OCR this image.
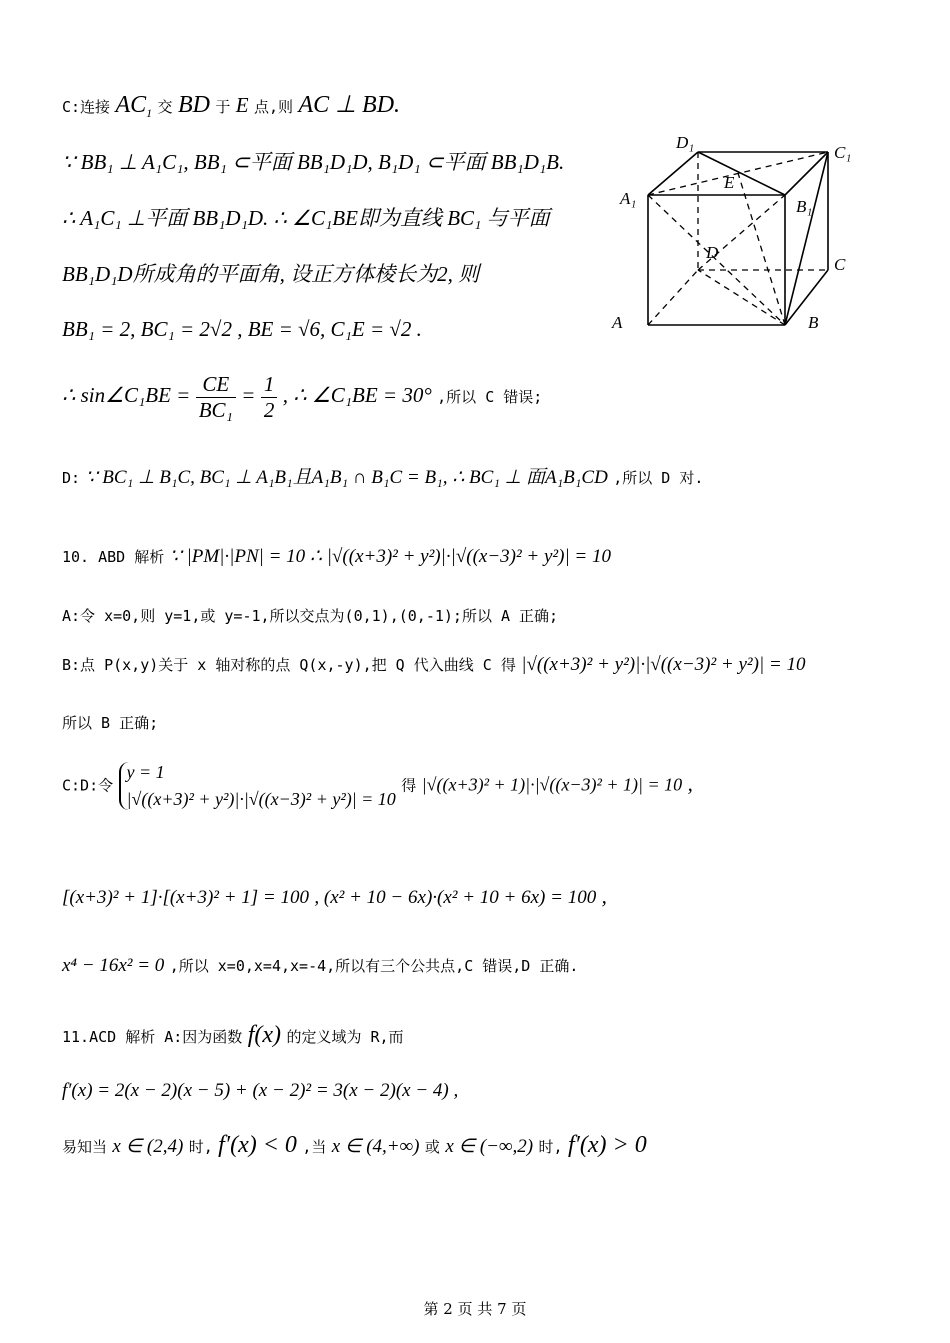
C:连接 $AC_1$ 交 BD 于 E 点,则 AC ⊥ BD.
∵ BB₁ ⊥ A₁C₁, BB₁ ⊂平面 BB₁D₁D, B₁D₁ ⊂平面 BB₁D₁B.
∴ A₁C₁ ⊥平面 BB₁D₁D. ∴ ∠C₁BE即为直线 BC₁ 与平面
BB₁D₁D所成角的平面角, 设正方体棱长为2, 则
BB₁ = 2, BC₁ = 2√2 , BE = √6, C₁E = √2 .
∴ sin∠C₁BE = $\frac{CE}{\text{BC₁}} = \frac{1}{2}$ , ∴ ∠C₁BE = 30° ,所以 C 错误;
D: ∵ BC₁ ⊥ B₁C, BC₁ ⊥ A₁B₁且A₁B₁ ∩ B₁C = B₁, ∴ BC₁ ⊥ 面A₁B₁CD ,所以 D 对.
10. ABD 解析 ∵ |PM|·|PN| = 10 ∴ |√((x+3)² + y²)|·|√((x−3)² + y²)| = 10
A:令 x=0,则 y=1,或 y=-1,所以交点为(0,1),(0,-1);所以 A 正确;
B:点 P(x,y)关于 x 轴对称的点 Q(x,-y),把 Q 代入曲线 C 得 |√((x+3)² + y²)|·|√((x−3)² + y²)| = 10
所以 B 正确;
C:D:令
y = 1
|√((x+3)² + y²)|·|√((x−3)² + y²)| = 10
得 |√((x+3)² + 1)|·|√((x−3)² + 1)| = 10 ,
[(x+3)² + 1]·[(x+3)² + 1] = 100 , (x² + 10 − 6x)·(x² + 10 + 6x) = 100 ,
x⁴ − 16x² = 0 ,所以 x=0,x=4,x=-4,所以有三个公共点,C 错误,D 正确.
11.ACD 解析 A:因为函数 f(x) 的定义域为 R,而
f′(x) = 2(x − 2)(x − 5) + (x − 2)² = 3(x − 2)(x − 4) ,
易知当 x ∈ (2,4) 时, f′(x) < 0 ,当 x ∈ (4,+∞) 或 x ∈ (−∞,2) 时, f′(x) > 0
D₁
C₁
A₁	B₁
E
D
C
A	B
第 2 页 共 7 页
